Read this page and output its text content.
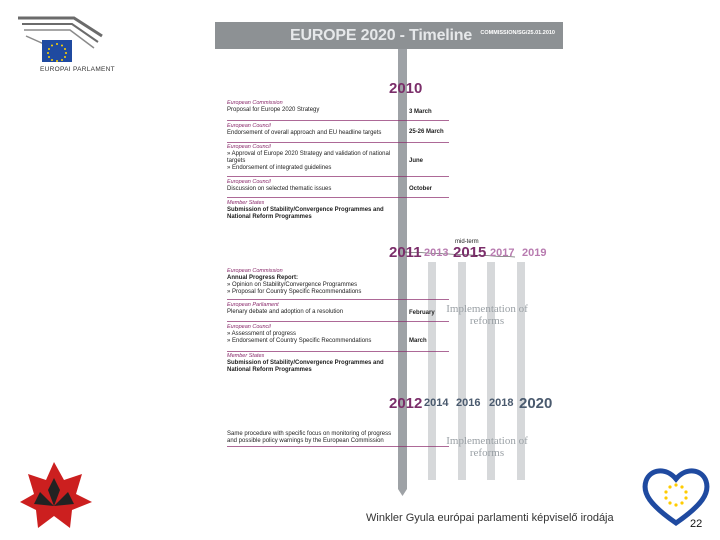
EUROPAI PARLAMENT
EUROPE 2020 - Timeline COMMISSION/SG/25.01.2010
2010
European Commission
Proposal for Europe 2020 Strategy	3 March
European Council
Endorsement of overall approach and EU headline targets	25-26 March
European Council
» Approval of Europe 2020 Strategy and validation of national targets
» Endorsement of integrated guidelines
June
European Council
Discussion on selected thematic issues	October
Member States
Submission of Stability/Convergence Programmes and National Reform Programmes
mid-term
2011 2013 2015 2017 2019
European Commission
Annual Progress Report:
» Opinion on Stability/Convergence Programmes
» Proposal for Country Specific Recommendations
European Parliament
Plenary debate and adoption of a resolution	February
European Council
» Assessment of progress
» Endorsement of Country Specific Recommendations	March
Member States
Submission of Stability/Convergence Programmes and National Reform Programmes
Implementation of reforms
2012 2014 2016 2018 2020
Same procedure with specific focus on monitoring of progress and possible policy warnings by the European Commission	Implementation of reforms
Winkler Gyula európai parlamenti képviselő irodája	22
